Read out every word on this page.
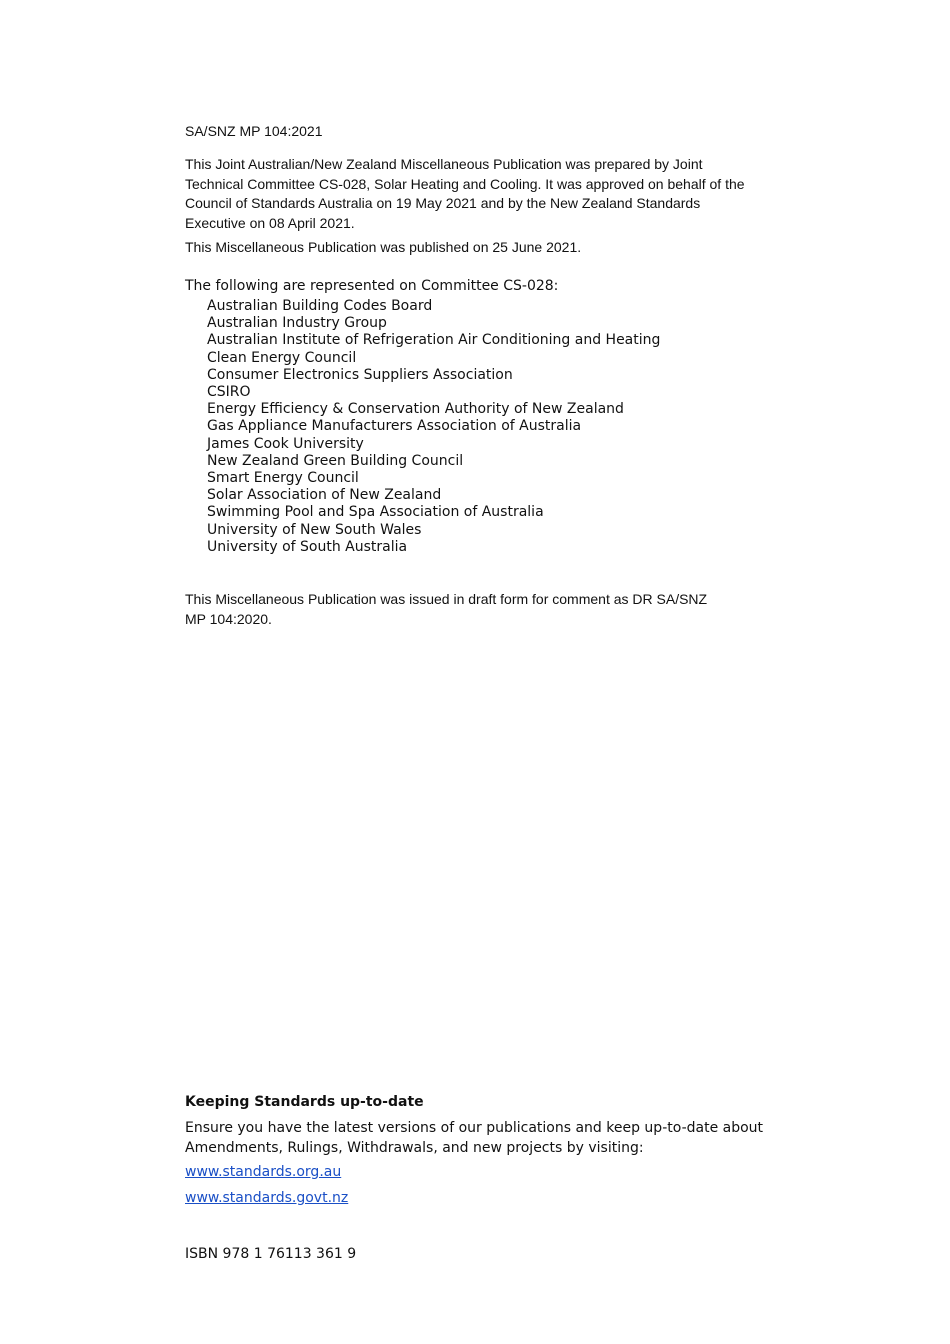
SA/SNZ MP 104:2021

This Joint Australian/New Zealand Miscellaneous Publication was prepared by Joint Technical Committee CS-028, Solar Heating and Cooling. It was approved on behalf of the Council of Standards Australia on 19 May 2021 and by the New Zealand Standards Executive on 08 April 2021.

This Miscellaneous Publication was published on 25 June 2021.

The following are represented on Committee CS-028:

Australian Building Codes Board
Australian Industry Group
Australian Institute of Refrigeration Air Conditioning and Heating
Clean Energy Council
Consumer Electronics Suppliers Association
CSIRO
Energy Efficiency & Conservation Authority of New Zealand
Gas Appliance Manufacturers Association of Australia
James Cook University
New Zealand Green Building Council
Smart Energy Council
Solar Association of New Zealand
Swimming Pool and Spa Association of Australia
University of New South Wales
University of South Australia

This Miscellaneous Publication was issued in draft form for comment as DR SA/SNZ MP 104:2020.

Keeping Standards up-to-date

Ensure you have the latest versions of our publications and keep up-to-date about Amendments, Rulings, Withdrawals, and new projects by visiting:

www.standards.org.au
www.standards.govt.nz

ISBN 978 1 76113 361 9
